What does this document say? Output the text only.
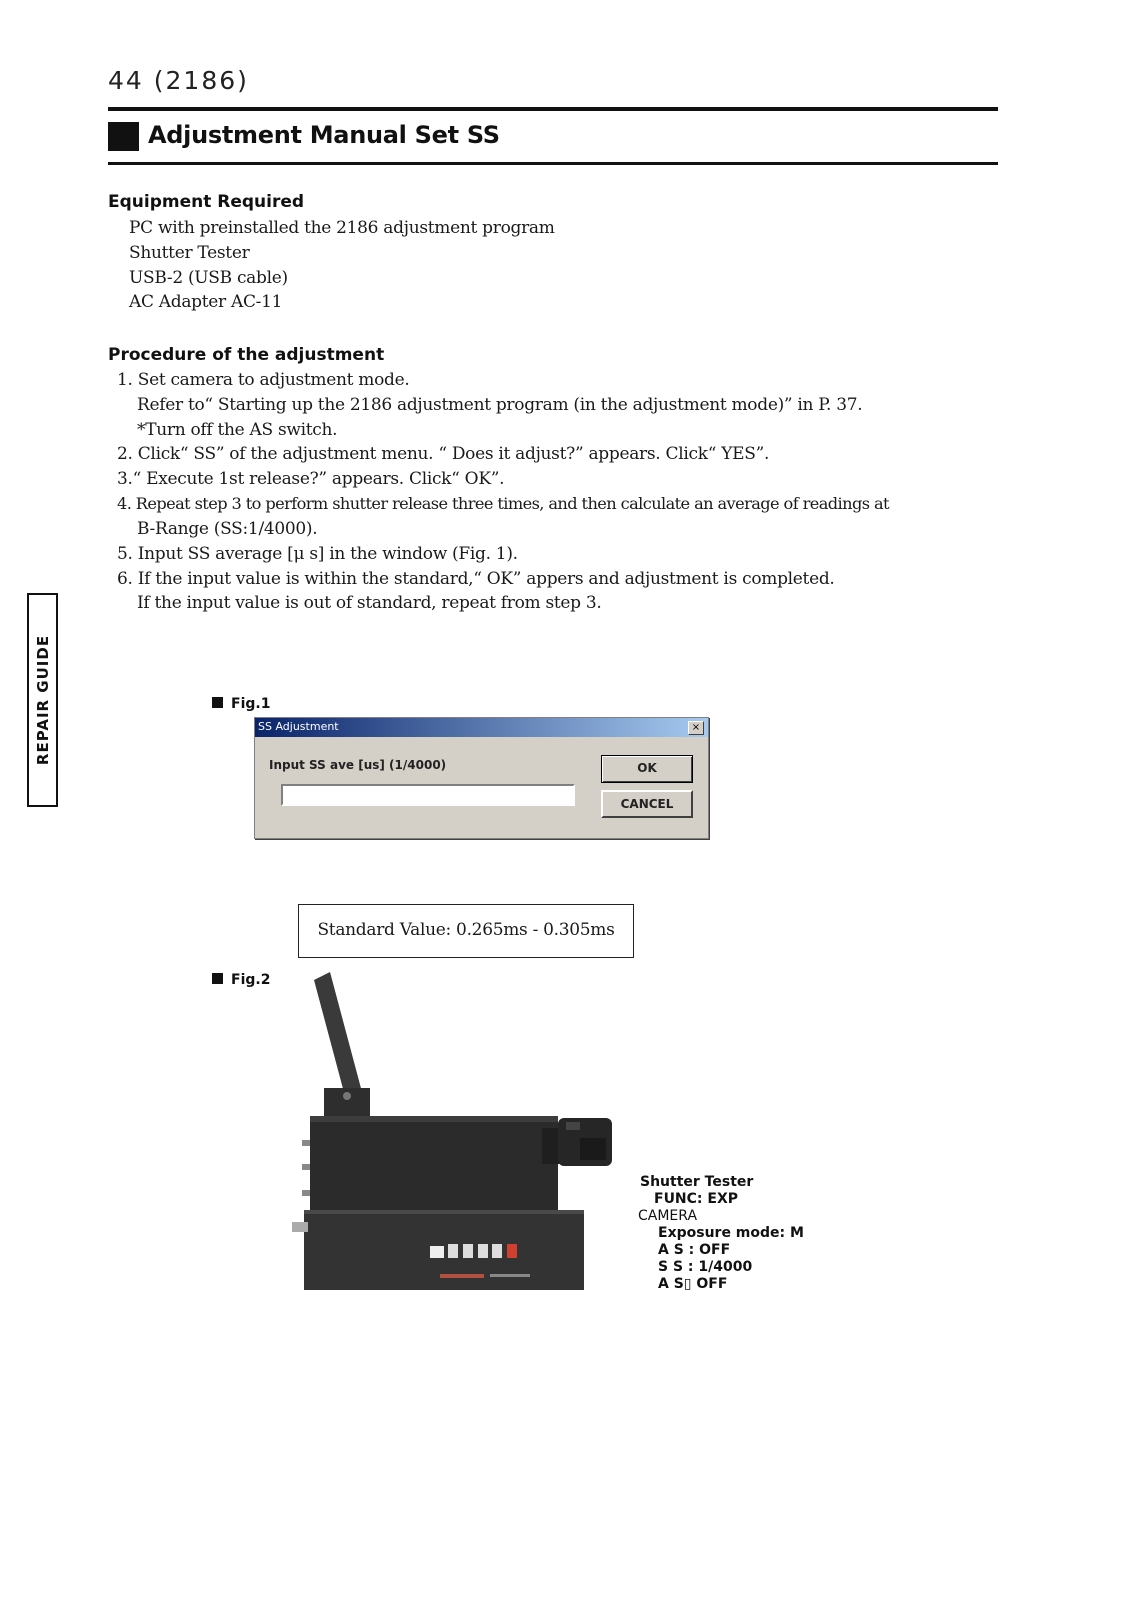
44 (2186)
Adjustment Manual Set SS
Equipment Required
PC with preinstalled the 2186 adjustment program
Shutter Tester
USB-2 (USB cable)
AC Adapter AC-11
Procedure of the adjustment
1. Set camera to adjustment mode.
Refer to“ Starting up the 2186 adjustment program (in the adjustment mode)” in P. 37.
*Turn off the AS switch.
2. Click“ SS” of the adjustment menu. “ Does it adjust?” appears. Click“ YES”.
3.“ Execute 1st release?” appears. Click“ OK”.
4. Repeat step 3 to perform shutter release three times, and then calculate an average of readings at
B-Range (SS:1/4000).
5. Input SS average [μ s] in the window (Fig. 1).
6. If the input value is within the standard,“ OK” appers and adjustment is completed.
If the input value is out of standard, repeat from step 3.
REPAIR GUIDE	Fig.1
SS Adjustment	×
Input SS ave [us] (1/4000)	OK
CANCEL
Standard Value: 0.265ms - 0.305ms
Fig.2
Shutter Tester
FUNC: EXP
CAMERA
Exposure mode: M
A S : OFF
S S : 1/4000
A S▯ OFF
